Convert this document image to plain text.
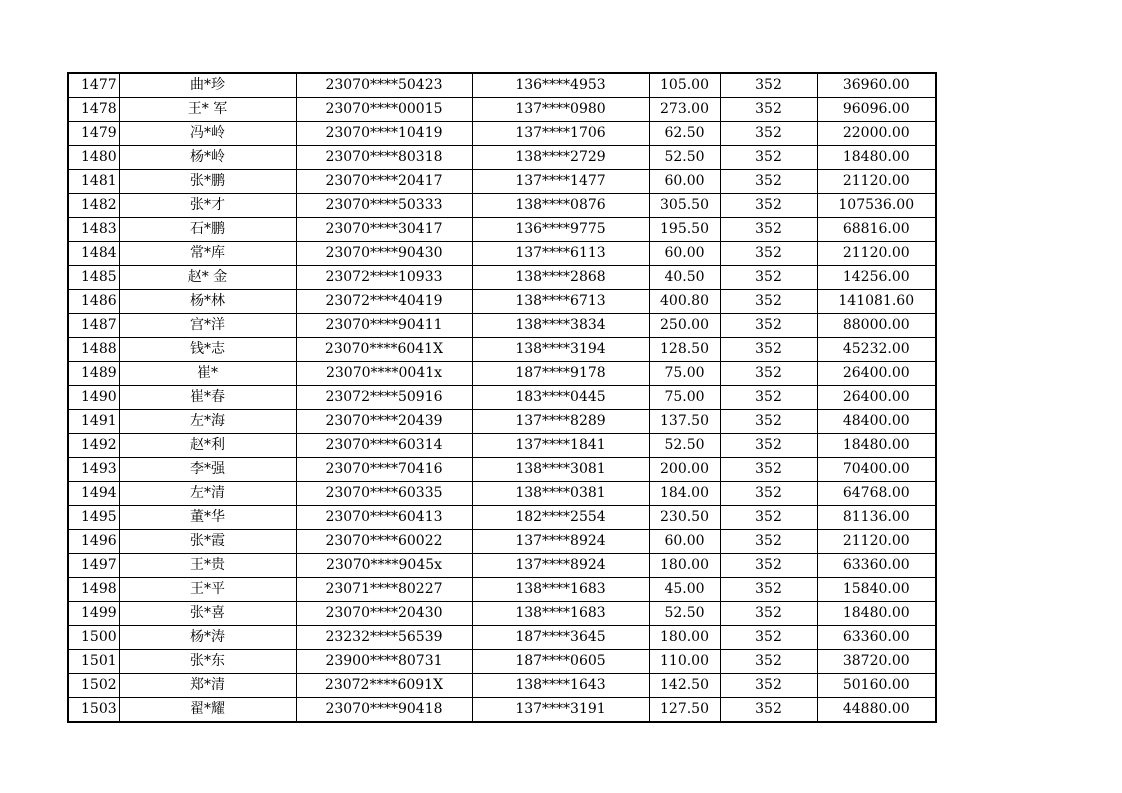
1477	曲*珍	23070****50423	136****4953	105.00	352	36960.00
1478	王* 军	23070****00015	137****0980	273.00	352	96096.00
1479	冯*岭	23070****10419	137****1706	62.50	352	22000.00
1480	杨*岭	23070****80318	138****2729	52.50	352	18480.00
1481	张*鹏	23070****20417	137****1477	60.00	352	21120.00
1482	张*才	23070****50333	138****0876	305.50	352	107536.00
1483	石*鹏	23070****30417	136****9775	195.50	352	68816.00
1484	常*库	23070****90430	137****6113	60.00	352	21120.00
1485	赵* 金	23072****10933	138****2868	40.50	352	14256.00
1486	杨*林	23072****40419	138****6713	400.80	352	141081.60
1487	宫*洋	23070****90411	138****3834	250.00	352	88000.00
1488	钱*志	23070****6041X	138****3194	128.50	352	45232.00
1489	崔*	23070****0041x	187****9178	75.00	352	26400.00
1490	崔*春	23072****50916	183****0445	75.00	352	26400.00
1491	左*海	23070****20439	137****8289	137.50	352	48400.00
1492	赵*利	23070****60314	137****1841	52.50	352	18480.00
1493	李*强	23070****70416	138****3081	200.00	352	70400.00
1494	左*清	23070****60335	138****0381	184.00	352	64768.00
1495	董*华	23070****60413	182****2554	230.50	352	81136.00
1496	张*霞	23070****60022	137****8924	60.00	352	21120.00
1497	王*贵	23070****9045x	137****8924	180.00	352	63360.00
1498	王*平	23071****80227	138****1683	45.00	352	15840.00
1499	张*喜	23070****20430	138****1683	52.50	352	18480.00
1500	杨*涛	23232****56539	187****3645	180.00	352	63360.00
1501	张*东	23900****80731	187****0605	110.00	352	38720.00
1502	郑*清	23072****6091X	138****1643	142.50	352	50160.00
1503	翟*耀	23070****90418	137****3191	127.50	352	44880.00
